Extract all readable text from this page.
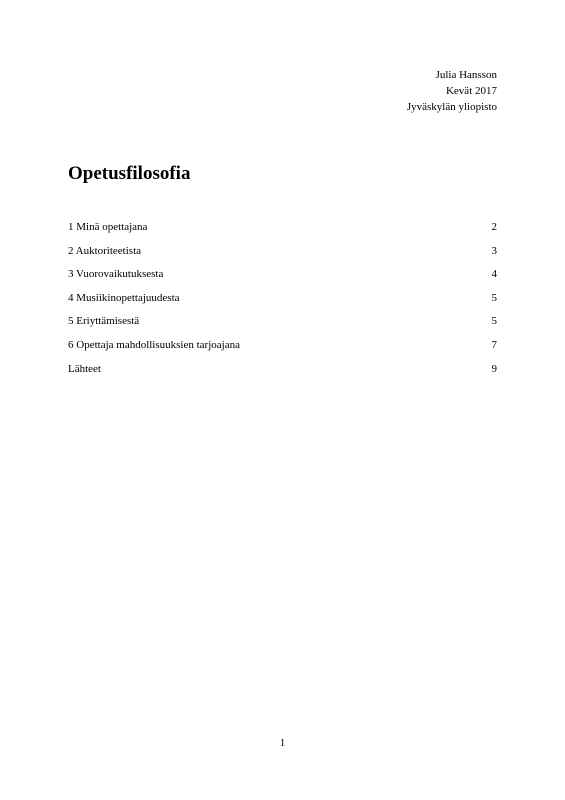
Julia Hansson
Kevät 2017
Jyväskylän yliopisto
Opetusfilosofia
1 Minä opettajana	2
2 Auktoriteetista	3
3 Vuorovaikutuksesta	4
4 Musiikinopettajuudesta	5
5 Eriyttämisestä	5
6 Opettaja mahdollisuuksien tarjoajana	7
Lähteet	9
1
